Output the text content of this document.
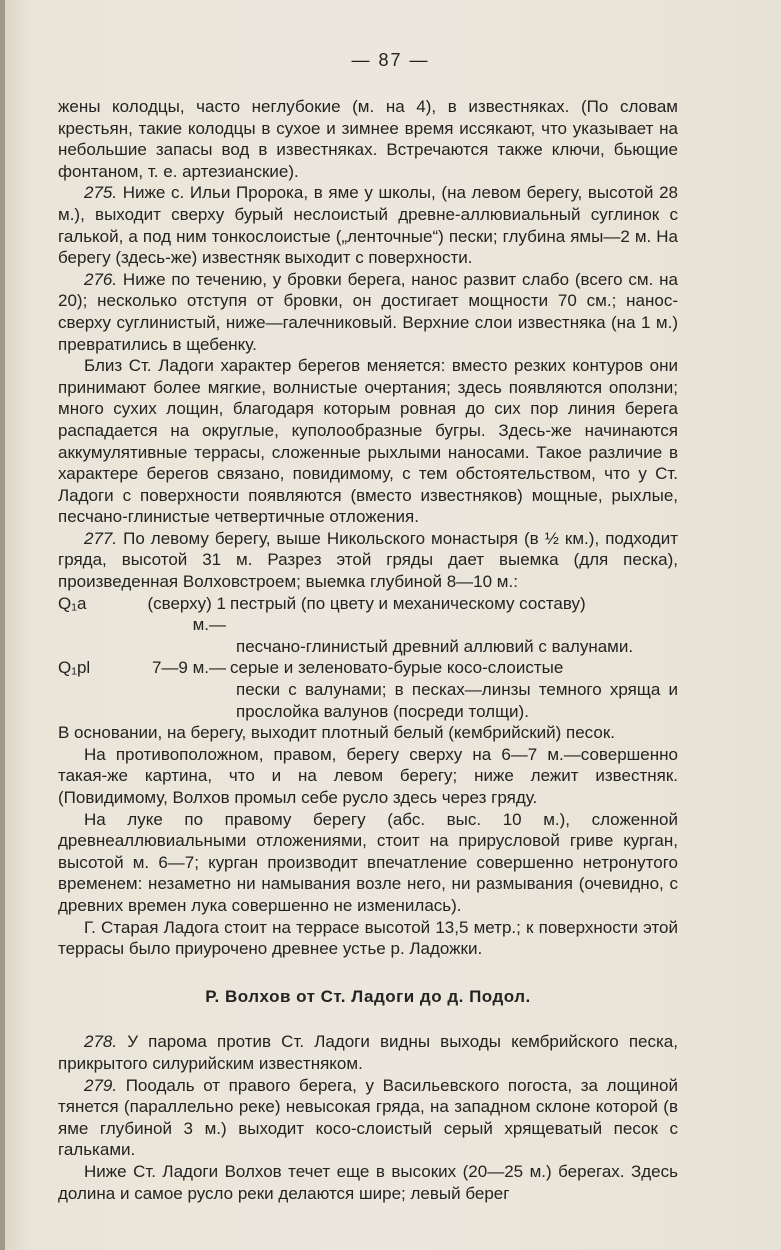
— 87 —

жены колодцы, часто неглубокие (м. на 4), в известняках. (По словам крестьян, такие колодцы в сухое и зимнее время иссякают, что указывает на небольшие запасы вод в известняках. Встречаются также ключи, бьющие фонтаном, т. е. артезианские).

275. Ниже с. Ильи Пророка, в яме у школы, (на левом берегу, высотой 28 м.), выходит сверху бурый неслоистый древне-аллювиальный суглинок с галькой, а под ним тонкослоистые („ленточные“) пески; глубина ямы—2 м. На берегу (здесь-же) известняк выходит с поверхности.

276. Ниже по течению, у бровки берега, нанос развит слабо (всего см. на 20); несколько отступя от бровки, он достигает мощности 70 см.; нанос-сверху суглинистый, ниже—галечниковый. Верхние слои известняка (на 1 м.) превратились в щебенку.

Близ Ст. Ладоги характер берегов меняется: вместо резких контуров они принимают более мягкие, волнистые очертания; здесь появляются оползни; много сухих лощин, благодаря которым ровная до сих пор линия берега распадается на округлые, куполообразные бугры. Здесь-же начинаются аккумулятивные террасы, сложенные рыхлыми наносами. Такое различие в характере берегов связано, повидимому, с тем обстоятельством, что у Ст. Ладоги с поверхности появляются (вместо известняков) мощные, рыхлые, песчано-глинистые четвертичные отложения.

277. По левому берегу, выше Никольского монастыря (в ½ км.), подходит гряда, высотой 31 м. Разрез этой гряды дает выемка (для песка), произведенная Волховстроем; выемка глубиной 8—10 м.:

Q₁a	(сверху) 1 м.—
пестрый (по цвету и механическому составу)

песчано-глинистый древний аллювий с валунами.

Q₁pl	7—9 м.— серые и зеленовато-бурые косо-слоистые

пески с валунами; в песках—линзы темного хряща и прослойка валунов (посреди толщи).

В основании, на берегу, выходит плотный белый (кембрийский) песок.

На противоположном, правом, берегу сверху на 6—7 м.—совершенно такая-же картина, что и на левом берегу; ниже лежит известняк. (Повидимому, Волхов промыл себе русло здесь через гряду.

На луке по правому берегу (абс. выс. 10 м.), сложенной древнеаллювиальными отложениями, стоит на прирусловой гриве курган, высотой м. 6—7; курган производит впечатление совершенно нетронутого временем: незаметно ни намывания возле него, ни размывания (очевидно, с древних времен лука совершенно не изменилась).

Г. Старая Ладога стоит на террасе высотой 13,5 метр.; к поверхности этой террасы было приурочено древнее устье р. Ладожки.

Р. Волхов от Ст. Ладоги до д. Подол.

278. У парома против Ст. Ладоги видны выходы кембрийского песка, прикрытого силурийским известняком.

279. Поодаль от правого берега, у Васильевского погоста, за лощиной тянется (параллельно реке) невысокая гряда, на западном склоне которой (в яме глубиной 3 м.) выходит косо-слоистый серый хрящеватый песок с гальками.

Ниже Ст. Ладоги Волхов течет еще в высоких (20—25 м.) берегах. Здесь долина и самое русло реки делаются шире; левый берег
